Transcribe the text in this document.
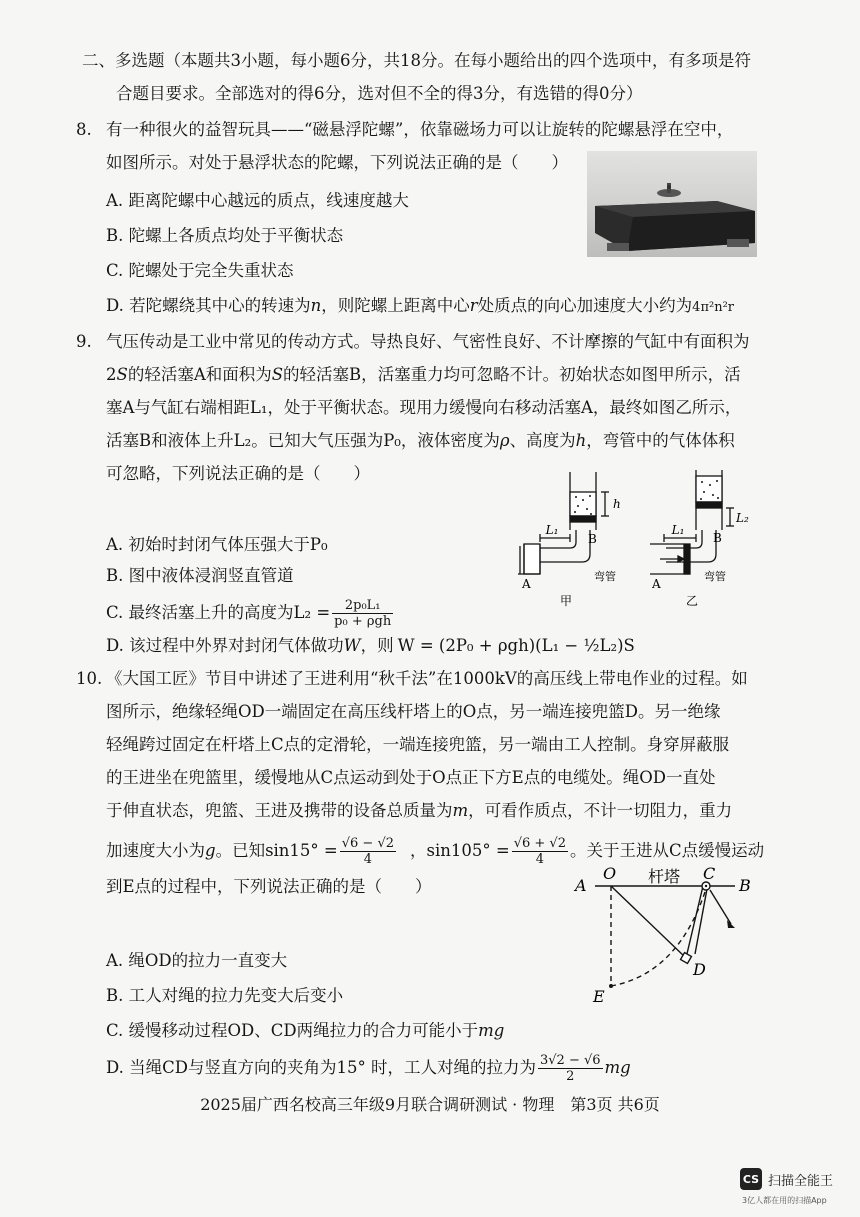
二、多选题（本题共3小题，每小题6分，共18分。在每小题给出的四个选项中，有多项是符
合题目要求。全部选对的得6分，选对但不全的得3分，有选错的得0分）
8. 有一种很火的益智玩具——“磁悬浮陀螺”，依靠磁场力可以让旋转的陀螺悬浮在空中，
如图所示。对处于悬浮状态的陀螺，下列说法正确的是（　　）
A. 距离陀螺中心越远的质点，线速度越大
B. 陀螺上各质点均处于平衡状态
C. 陀螺处于完全失重状态
D. 若陀螺绕其中心的转速为n，则陀螺上距离中心r处质点的向心加速度大小约为4π²n²r
9. 气压传动是工业中常见的传动方式。导热良好、气密性良好、不计摩擦的气缸中有面积为
2S的轻活塞A和面积为S的轻活塞B，活塞重力均可忽略不计。初始状态如图甲所示，活
塞A与气缸右端相距L₁，处于平衡状态。现用力缓慢向右移动活塞A，最终如图乙所示，
活塞B和液体上升L₂。已知大气压强为P₀，液体密度为ρ、高度为h，弯管中的气体体积
可忽略，下列说法正确的是（　　）
A. 初始时封闭气体压强大于P₀
B. 图中液体浸润竖直管道
C. 最终活塞上升的高度为$L_2 = \frac{\text{2p₀L₁}}{\text{p₀ + ρgh}}$
D. 该过程中外界对封闭气体做功W，则 W = (2P₀ + ρgh)(L₁ − ½L₂)S
L₁
h
B
A
弯管
甲
L₁
L₂
B
A
弯管
乙
10. 《大国工匠》节目中讲述了王进利用“秋千法”在1000kV的高压线上带电作业的过程。如
图所示，绝缘轻绳OD一端固定在高压线杆塔上的O点，另一端连接兜篮D。另一绝缘
轻绳跨过固定在杆塔上C点的定滑轮，一端连接兜篮，另一端由工人控制。身穿屏蔽服
的王进坐在兜篮里，缓慢地从C点运动到处于O点正下方E点的电缆处。绳OD一直处
于伸直状态，兜篮、王进及携带的设备总质量为m，可看作质点，不计一切阻力，重力
加速度大小为g。已知$\sin 15^\circ = \frac{√6 - √2}{4}$ ，$\sin 105^\circ = \frac{√6 + √2}{4}$ 。关于王进从C点缓慢运动
到E点的过程中，下列说法正确的是（　　）
A. 绳OD的拉力一直变大
B. 工人对绳的拉力先变大后变小
C. 缓慢移动过程OD、CD两绳拉力的合力可能小于mg
D. 当绳CD与竖直方向的夹角为15° 时，工人对绳的拉力为 $\frac{3√2 - √6}{2}$ mg
杆塔
A
O	C
B
D
E
2025届广西名校高三年级9月联合调研测试 · 物理　第3页 共6页
CS 扫描全能王
3亿人都在用的扫描App
